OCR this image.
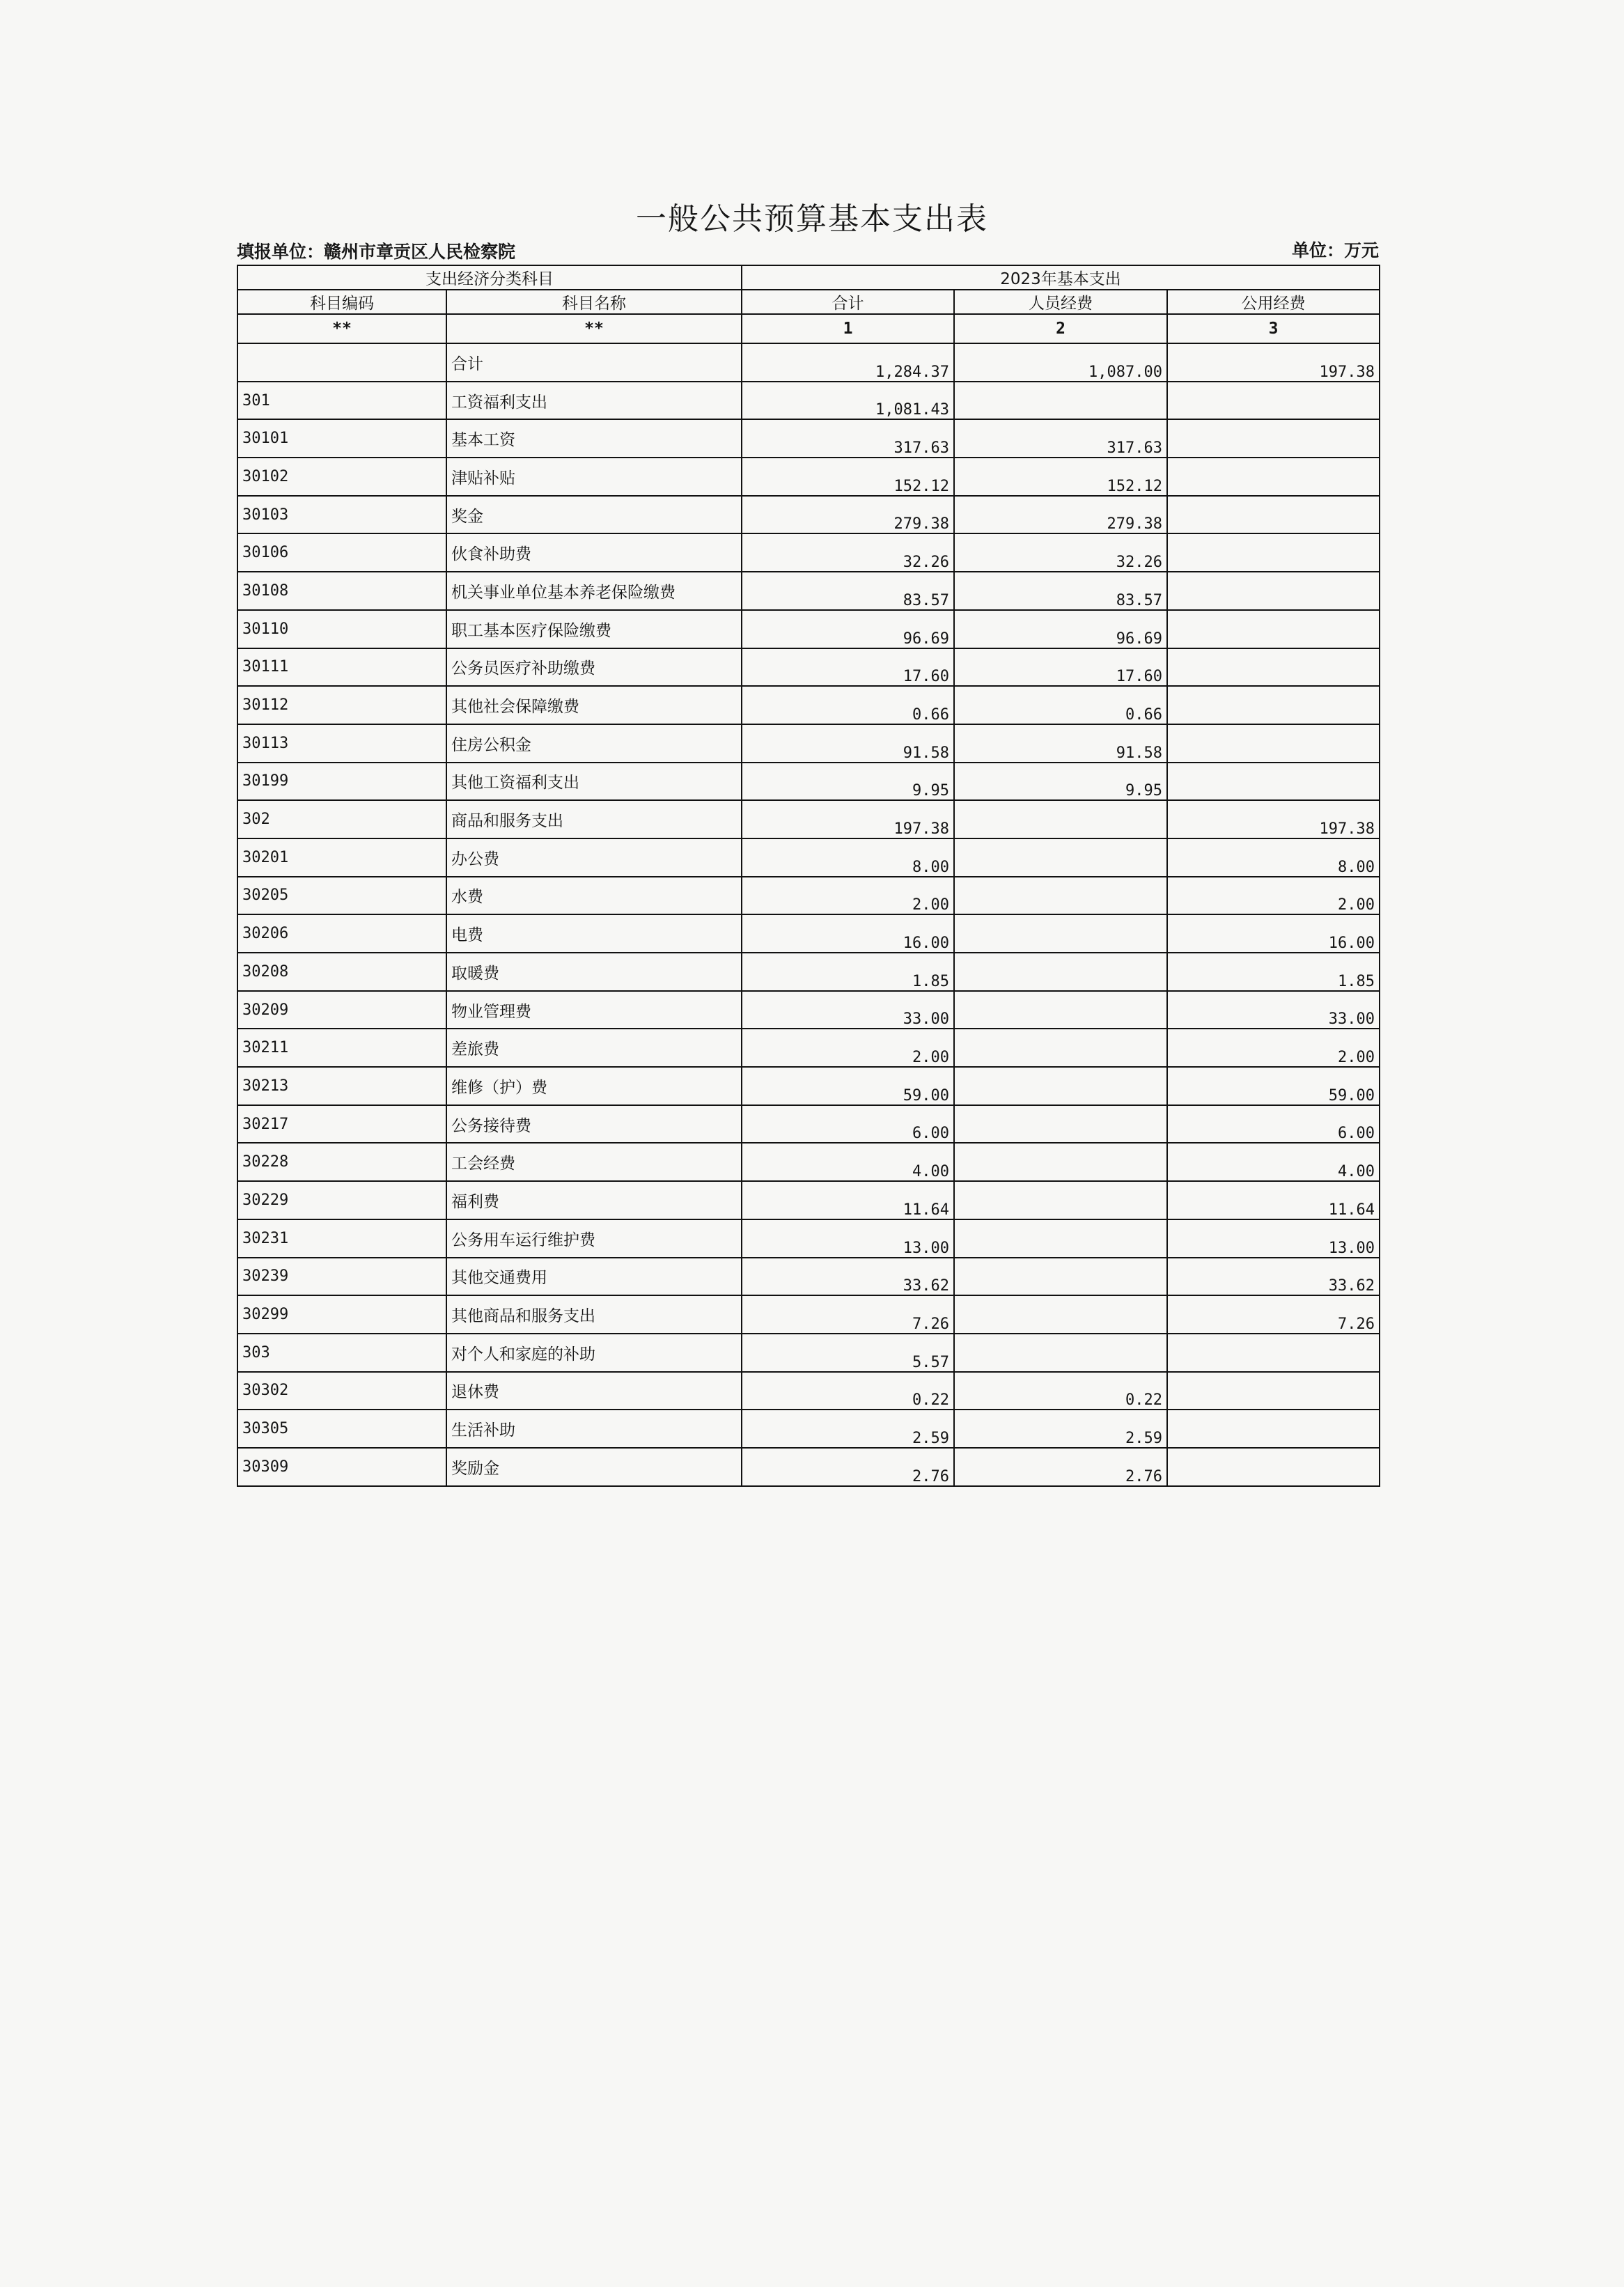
一般公共预算基本支出表
填报单位：赣州市章贡区人民检察院	单位：万元
支出经济分类科目		2023年基本支出		
科目编码	科目名称	合计	人员经费	公用经费
**	**	1	2	3
	合计	1,284.37	1,087.00	197.38
301	工资福利支出	1,081.43		
30101	基本工资	317.63	317.63	
30102	津贴补贴	152.12	152.12	
30103	奖金	279.38	279.38	
30106	伙食补助费	32.26	32.26	
30108	机关事业单位基本养老保险缴费	83.57	83.57	
30110	职工基本医疗保险缴费	96.69	96.69	
30111	公务员医疗补助缴费	17.60	17.60	
30112	其他社会保障缴费	0.66	0.66	
30113	住房公积金	91.58	91.58	
30199	其他工资福利支出	9.95	9.95	
302	商品和服务支出	197.38		197.38
30201	办公费	8.00		8.00
30205	水费	2.00		2.00
30206	电费	16.00		16.00
30208	取暖费	1.85		1.85
30209	物业管理费	33.00		33.00
30211	差旅费	2.00		2.00
30213	维修（护）费	59.00		59.00
30217	公务接待费	6.00		6.00
30228	工会经费	4.00		4.00
30229	福利费	11.64		11.64
30231	公务用车运行维护费	13.00		13.00
30239	其他交通费用	33.62		33.62
30299	其他商品和服务支出	7.26		7.26
303	对个人和家庭的补助	5.57		
30302	退休费	0.22	0.22	
30305	生活补助	2.59	2.59	
30309	奖励金	2.76	2.76	
